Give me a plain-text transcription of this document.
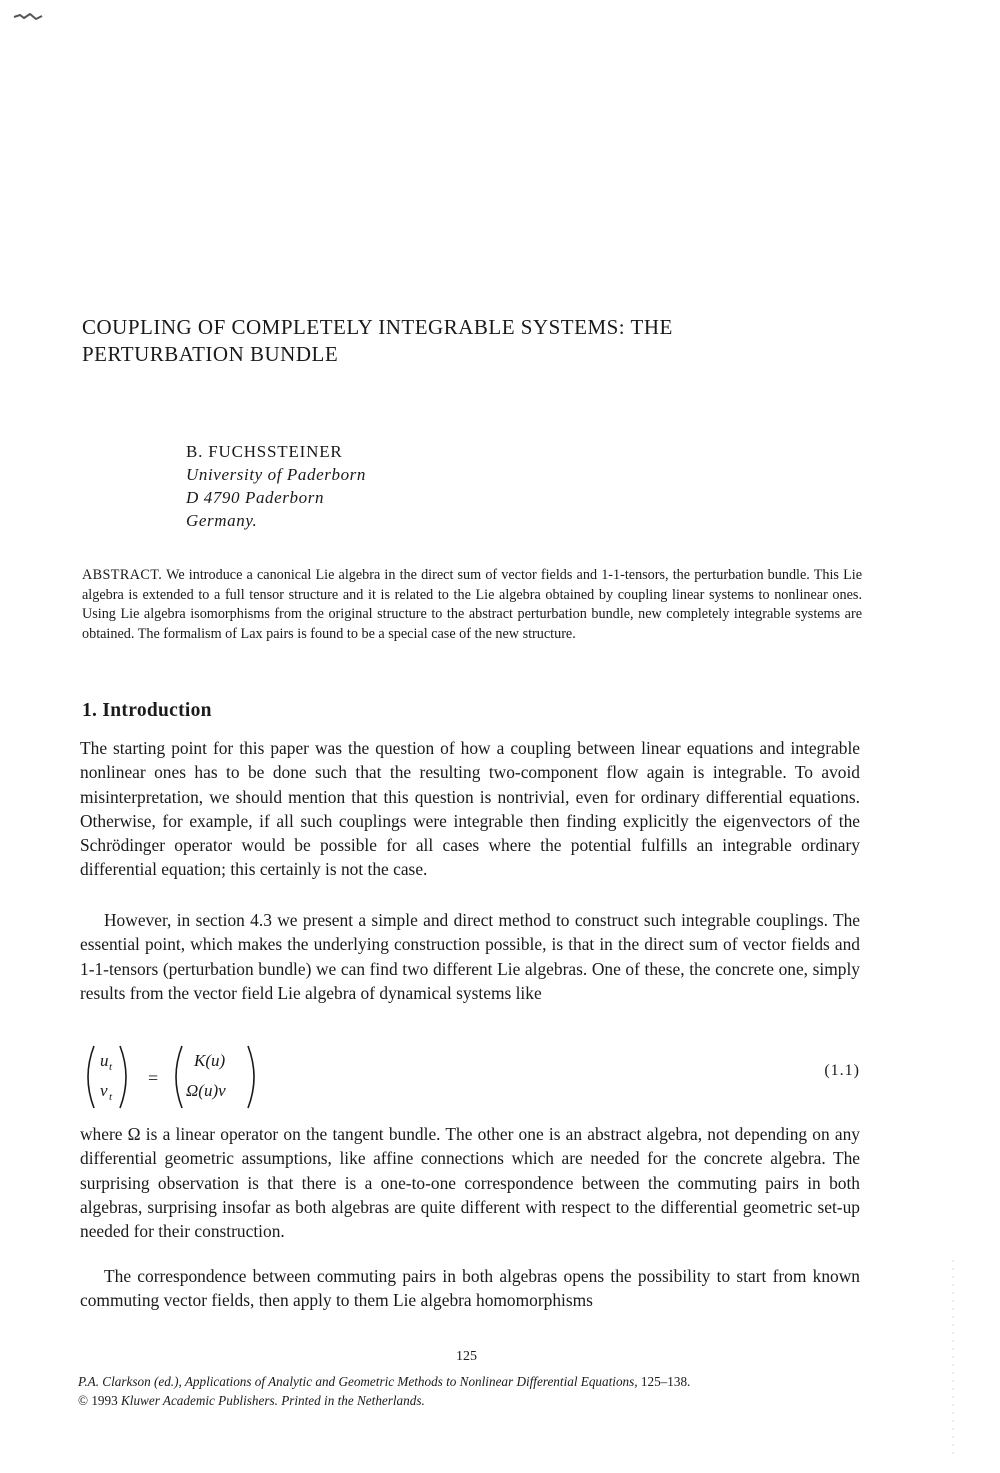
COUPLING OF COMPLETELY INTEGRABLE SYSTEMS: THE
PERTURBATION BUNDLE
B. FUCHSSTEINER
University of Paderborn
D 4790 Paderborn
Germany.

ABSTRACT. We introduce a canonical Lie algebra in the direct sum of vector fields and 1-1-tensors, the perturbation bundle. This Lie algebra is extended to a full tensor structure and it is related to the Lie algebra obtained by coupling linear systems to nonlinear ones. Using Lie algebra isomorphisms from the original structure to the abstract perturbation bundle, new completely integrable systems are obtained. The formalism of Lax pairs is found to be a special case of the new structure.

1. Introduction

The starting point for this paper was the question of how a coupling between linear equations and integrable nonlinear ones has to be done such that the resulting two-component flow again is integrable. To avoid misinterpretation, we should mention that this question is nontrivial, even for ordinary differential equations. Otherwise, for example, if all such couplings were integrable then finding explicitly the eigenvectors of the Schrödinger operator would be possible for all cases where the potential fulfills an integrable ordinary differential equation; this certainly is not the case.

However, in section 4.3 we present a simple and direct method to construct such integrable couplings. The essential point, which makes the underlying construction possible, is that in the direct sum of vector fields and 1-1-tensors (perturbation bundle) we can find two different Lie algebras. One of these, the concrete one, simply results from the vector field Lie algebra of dynamical systems like

u t
v t
=
K(u)
Ω(u)v
(1.1)

where Ω is a linear operator on the tangent bundle. The other one is an abstract algebra, not depending on any differential geometric assumptions, like affine connections which are needed for the concrete algebra. The surprising observation is that there is a one-to-one correspondence between the commuting pairs in both algebras, surprising insofar as both algebras are quite different with respect to the differential geometric set-up needed for their construction.

The correspondence between commuting pairs in both algebras opens the possibility to start from known commuting vector fields, then apply to them Lie algebra homomorphisms

125
P.A. Clarkson (ed.), Applications of Analytic and Geometric Methods to Nonlinear Differential Equations, 125–138.
© 1993 Kluwer Academic Publishers. Printed in the Netherlands.
